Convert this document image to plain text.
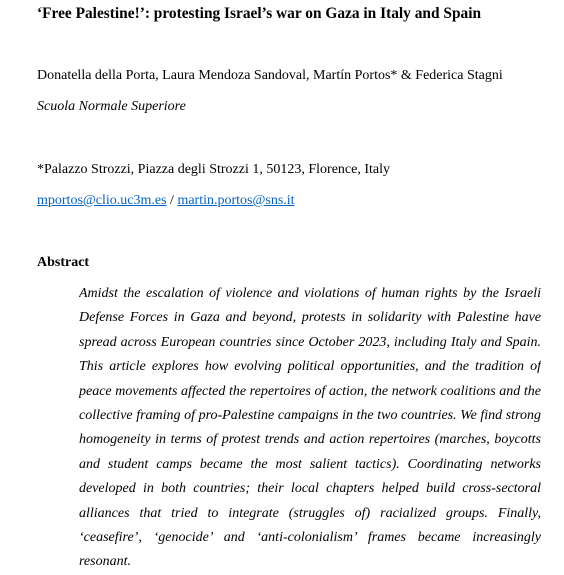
‘Free Palestine!’: protesting Israel’s war on Gaza in Italy and Spain
Donatella della Porta, Laura Mendoza Sandoval, Martín Portos* & Federica Stagni
Scuola Normale Superiore
*Palazzo Strozzi, Piazza degli Strozzi 1, 50123, Florence, Italy
mportos@clio.uc3m.es / martin.portos@sns.it
Abstract
Amidst the escalation of violence and violations of human rights by the Israeli
Defense Forces in Gaza and beyond, protests in solidarity with Palestine have
spread across European countries since October 2023, including Italy and Spain.
This article explores how evolving political opportunities, and the tradition of
peace movements affected the repertoires of action, the network coalitions and the
collective framing of pro-Palestine campaigns in the two countries. We find strong
homogeneity in terms of protest trends and action repertoires (marches, boycotts
and student camps became the most salient tactics). Coordinating networks
developed in both countries; their local chapters helped build cross-sectoral
alliances that tried to integrate (struggles of) racialized groups. Finally,
‘ceasefire’, ‘genocide’ and ‘anti-colonialism’ frames became increasingly
resonant.
